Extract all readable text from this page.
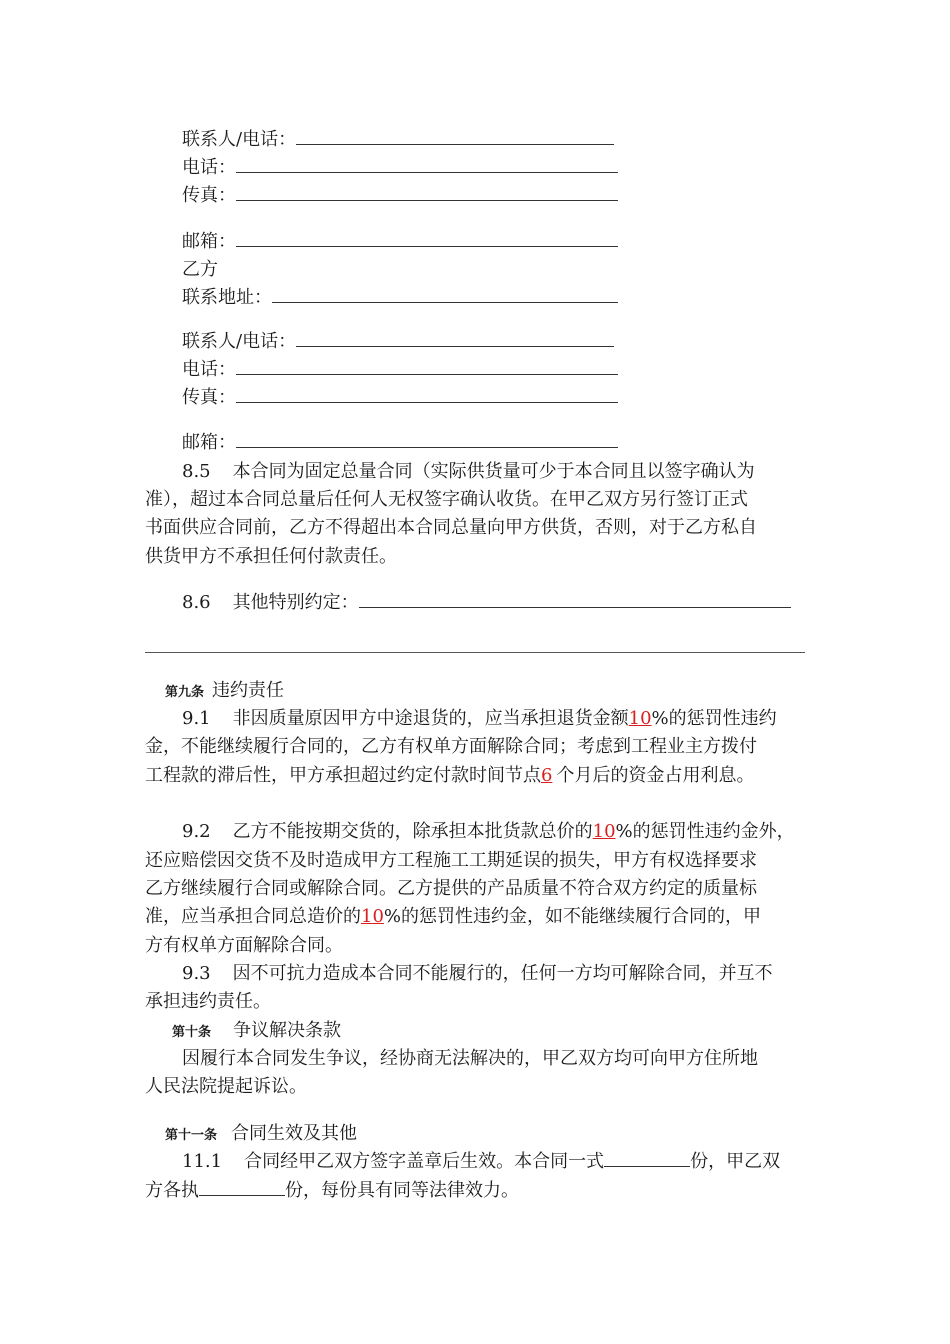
联系人/电话：
电话：
传真：
邮箱：
乙方
联系地址：
联系人/电话：
电话：
传真：
邮箱：
8.5 本合同为固定总量合同（实际供货量可少于本合同且以签字确认为
准），超过本合同总量后任何人无权签字确认收货。在甲乙双方另行签订正式
书面供应合同前，乙方不得超出本合同总量向甲方供货，否则，对于乙方私自
供货甲方不承担任何付款责任。
8.6 其他特别约定：
第九条 违约责任
9.1 非因质量原因甲方中途退货的，应当承担退货金额10%的惩罚性违约
金，不能继续履行合同的，乙方有权单方面解除合同；考虑到工程业主方拨付
工程款的滞后性，甲方承担超过约定付款时间节点6 个月后的资金占用利息。
9.2 乙方不能按期交货的，除承担本批货款总价的10%的惩罚性违约金外，
还应赔偿因交货不及时造成甲方工程施工工期延误的损失，甲方有权选择要求
乙方继续履行合同或解除合同。乙方提供的产品质量不符合双方约定的质量标
准，应当承担合同总造价的10%的惩罚性违约金，如不能继续履行合同的，甲
方有权单方面解除合同。
9.3 因不可抗力造成本合同不能履行的，任何一方均可解除合同，并互不
承担违约责任。
第十条 争议解决条款
因履行本合同发生争议，经协商无法解决的，甲乙双方均可向甲方住所地
人民法院提起诉讼。
第十一条 合同生效及其他
11.1 合同经甲乙双方签字盖章后生效。本合同一式	份，甲乙双
方各执	份，每份具有同等法律效力。
